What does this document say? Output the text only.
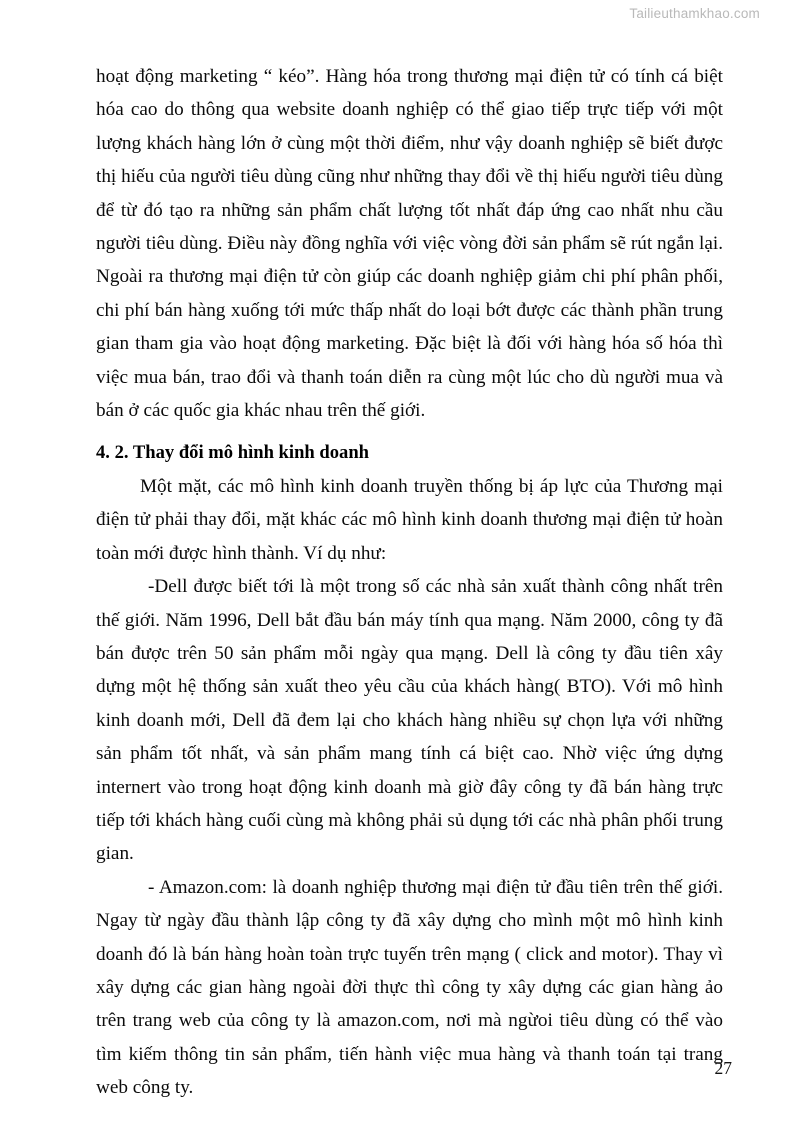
Tailieuthamkhao.com

hoạt động marketing “ kéo”. Hàng hóa trong thương mại điện tử có tính cá biệt hóa cao do thông qua website doanh nghiệp có thể giao tiếp trực tiếp với một lượng khách hàng lớn ở cùng một thời điểm, như vậy doanh nghiệp sẽ biết được thị hiếu của người tiêu dùng cũng như những thay đổi về thị hiếu người tiêu dùng để từ đó tạo ra những sản phẩm chất lượng tốt nhất đáp ứng cao nhất nhu cầu người tiêu dùng. Điều này đồng nghĩa với việc vòng đời sản phẩm sẽ rút ngắn lại. Ngoài ra thương mại điện tử còn giúp các doanh nghiệp giảm chi phí phân phối, chi phí bán hàng xuống tới mức thấp nhất do loại bớt được các thành phần trung gian tham gia vào hoạt động marketing. Đặc biệt là đối với hàng hóa số hóa thì việc mua bán, trao đổi và thanh toán diễn ra cùng một lúc cho dù người mua và bán ở các quốc gia khác nhau trên thế giới.

4. 2. Thay đổi mô hình kinh doanh

Một mặt, các mô hình kinh doanh truyền thống bị áp lực của Thương mại điện tử phải thay đổi, mặt khác các mô hình kinh doanh thương mại điện tử hoàn toàn mới được hình thành. Ví dụ như:

-Dell được biết tới là một trong số các nhà sản xuất thành công nhất trên thế giới. Năm 1996, Dell bắt đầu bán máy tính qua mạng. Năm 2000, công ty đã bán được trên 50 sản phẩm mỗi ngày qua mạng. Dell là công ty đầu tiên xây dựng một hệ thống sản xuất theo yêu cầu của khách hàng( BTO). Với mô hình kinh doanh mới, Dell đã đem lại cho khách hàng nhiều sự chọn lựa với những sản phẩm tốt nhất, và sản phẩm mang tính cá biệt cao. Nhờ việc ứng dựng internert vào trong hoạt động kinh doanh mà giờ đây công ty đã bán hàng trực tiếp tới khách hàng cuối cùng mà không phải sủ dụng tới các nhà phân phối trung gian.

- Amazon.com: là doanh nghiệp thương mại điện tử đầu tiên trên thế giới. Ngay từ ngày đầu thành lập công ty đã xây dựng cho mình một mô hình kinh doanh đó là bán hàng hoàn toàn trực tuyến trên mạng ( click and motor). Thay vì xây dựng các gian hàng ngoài đời thực thì công ty xây dựng các gian hàng ảo trên trang web của công ty là amazon.com, nơi mà ngừoi tiêu dùng có thể vào tìm kiếm thông tin sản phẩm, tiến hành việc mua hàng và thanh toán tại trang web công ty.

27
